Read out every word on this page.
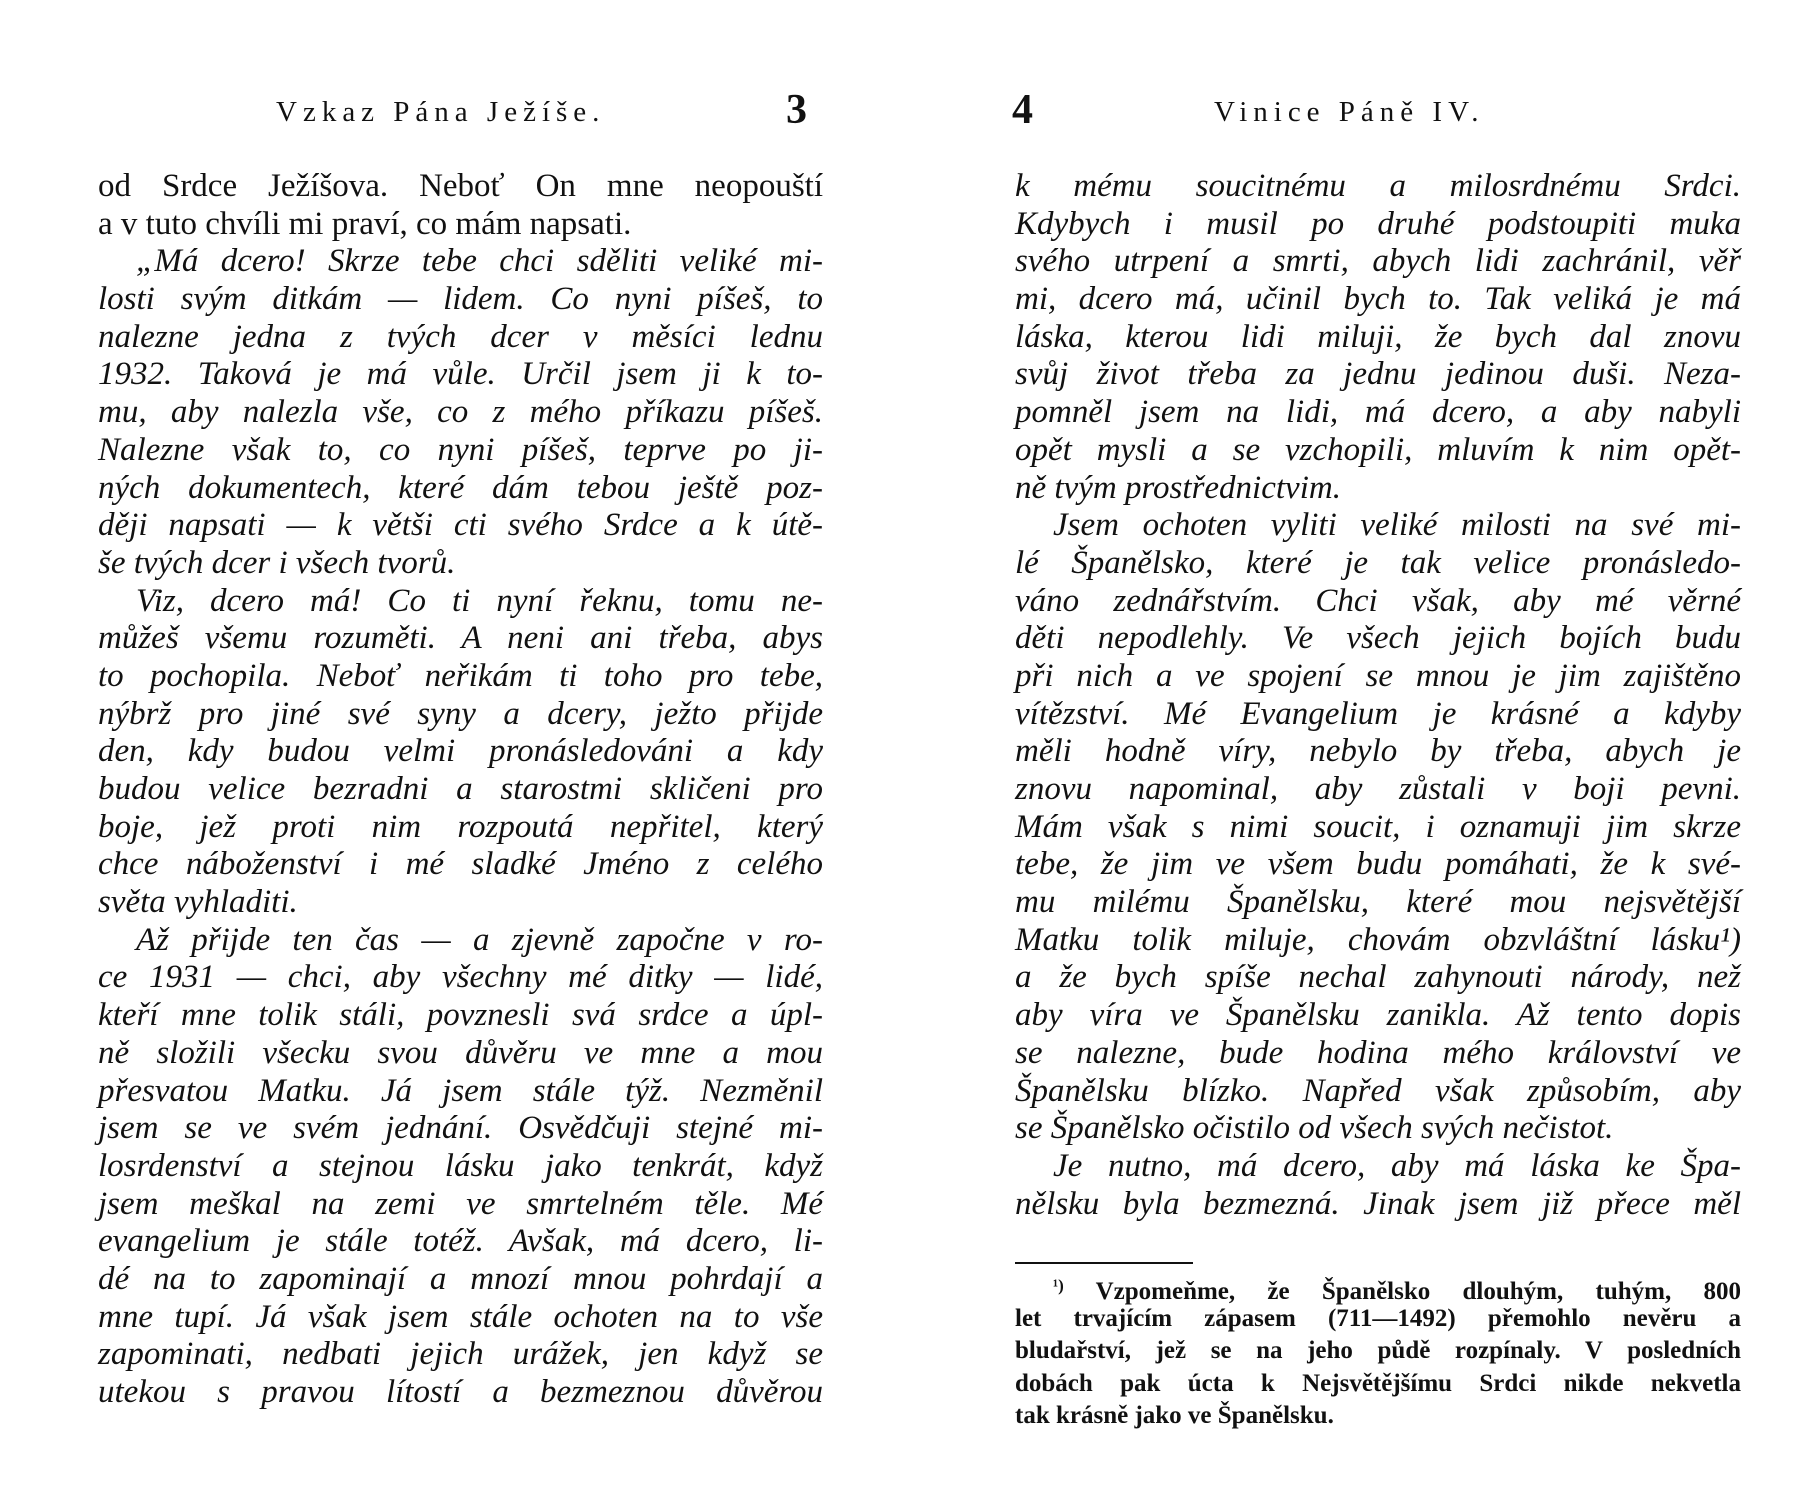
Vzkaz Pána Ježíše.	3
od Srdce Ježíšova. Neboť On mne neopouští
a v tuto chvíli mi praví, co mám napsati.
„Má dcero! Skrze tebe chci sděliti veliké mi-
losti svým ditkám — lidem. Co nyni píšeš, to
nalezne jedna z tvých dcer v měsíci lednu
1932. Taková je má vůle. Určil jsem ji k to-
mu, aby nalezla vše, co z mého příkazu píšeš.
Nalezne však to, co nyni píšeš, teprve po ji-
ných dokumentech, které dám tebou ještě poz-
ději napsati — k větši cti svého Srdce a k útě-
še tvých dcer i všech tvorů.
Viz, dcero má! Co ti nyní řeknu, tomu ne-
můžeš všemu rozuměti. A neni ani třeba, abys
to pochopila. Neboť neřikám ti toho pro tebe,
nýbrž pro jiné své syny a dcery, ježto přijde
den, kdy budou velmi pronásledováni a kdy
budou velice bezradni a starostmi skličeni pro
boje, jež proti nim rozpoutá nepřitel, který
chce náboženství i mé sladké Jméno z celého
světa vyhladiti.
Až přijde ten čas — a zjevně započne v ro-
ce 1931 — chci, aby všechny mé ditky — lidé,
kteří mne tolik stáli, povznesli svá srdce a úpl-
ně složili všecku svou důvěru ve mne a mou
přesvatou Matku. Já jsem stále týž. Nezměnil
jsem se ve svém jednání. Osvědčuji stejné mi-
losrdenství a stejnou lásku jako tenkrát, když
jsem meškal na zemi ve smrtelném těle. Mé
evangelium je stále totéž. Avšak, má dcero, li-
dé na to zapominají a mnozí mnou pohrdají a
mne tupí. Já však jsem stále ochoten na to vše
zapominati, nedbati jejich urážek, jen když se
utekou s pravou lítostí a bezmeznou důvěrou
4	Vinice Páně IV.
k mému soucitnému a milosrdnému Srdci.
Kdybych i musil po druhé podstoupiti muka
svého utrpení a smrti, abych lidi zachránil, věř
mi, dcero má, učinil bych to. Tak veliká je má
láska, kterou lidi miluji, že bych dal znovu
svůj život třeba za jednu jedinou duši. Neza-
pomněl jsem na lidi, má dcero, a aby nabyli
opět mysli a se vzchopili, mluvím k nim opět-
ně tvým prostřednictvim.
Jsem ochoten vyliti veliké milosti na své mi-
lé Španělsko, které je tak velice pronásledo-
váno zednářstvím. Chci však, aby mé věrné
děti nepodlehly. Ve všech jejich bojích budu
při nich a ve spojení se mnou je jim zajištěno
vítězství. Mé Evangelium je krásné a kdyby
měli hodně víry, nebylo by třeba, abych je
znovu napominal, aby zůstali v boji pevni.
Mám však s nimi soucit, i oznamuji jim skrze
tebe, že jim ve všem budu pomáhati, že k své-
mu milému Španělsku, které mou nejsvětější
Matku tolik miluje, chovám obzvláštní lásku¹)
a že bych spíše nechal zahynouti národy, než
aby víra ve Španělsku zanikla. Až tento dopis
se nalezne, bude hodina mého království ve
Španělsku blízko. Napřed však způsobím, aby
se Španělsko očistilo od všech svých nečistot.
Je nutno, má dcero, aby má láska ke Špa-
nělsku byla bezmezná. Jinak jsem již přece měl
$^{^1)}$ Vzpomeňme, že Španělsko dlouhým, tuhým, 800
let trvajícím zápasem (711—1492) přemohlo nevěru a
bludařství, jež se na jeho půdě rozpínaly. V posledních
dobách pak úcta k Nejsvětějšímu Srdci nikde nekvetla
tak krásně jako ve Španělsku.
